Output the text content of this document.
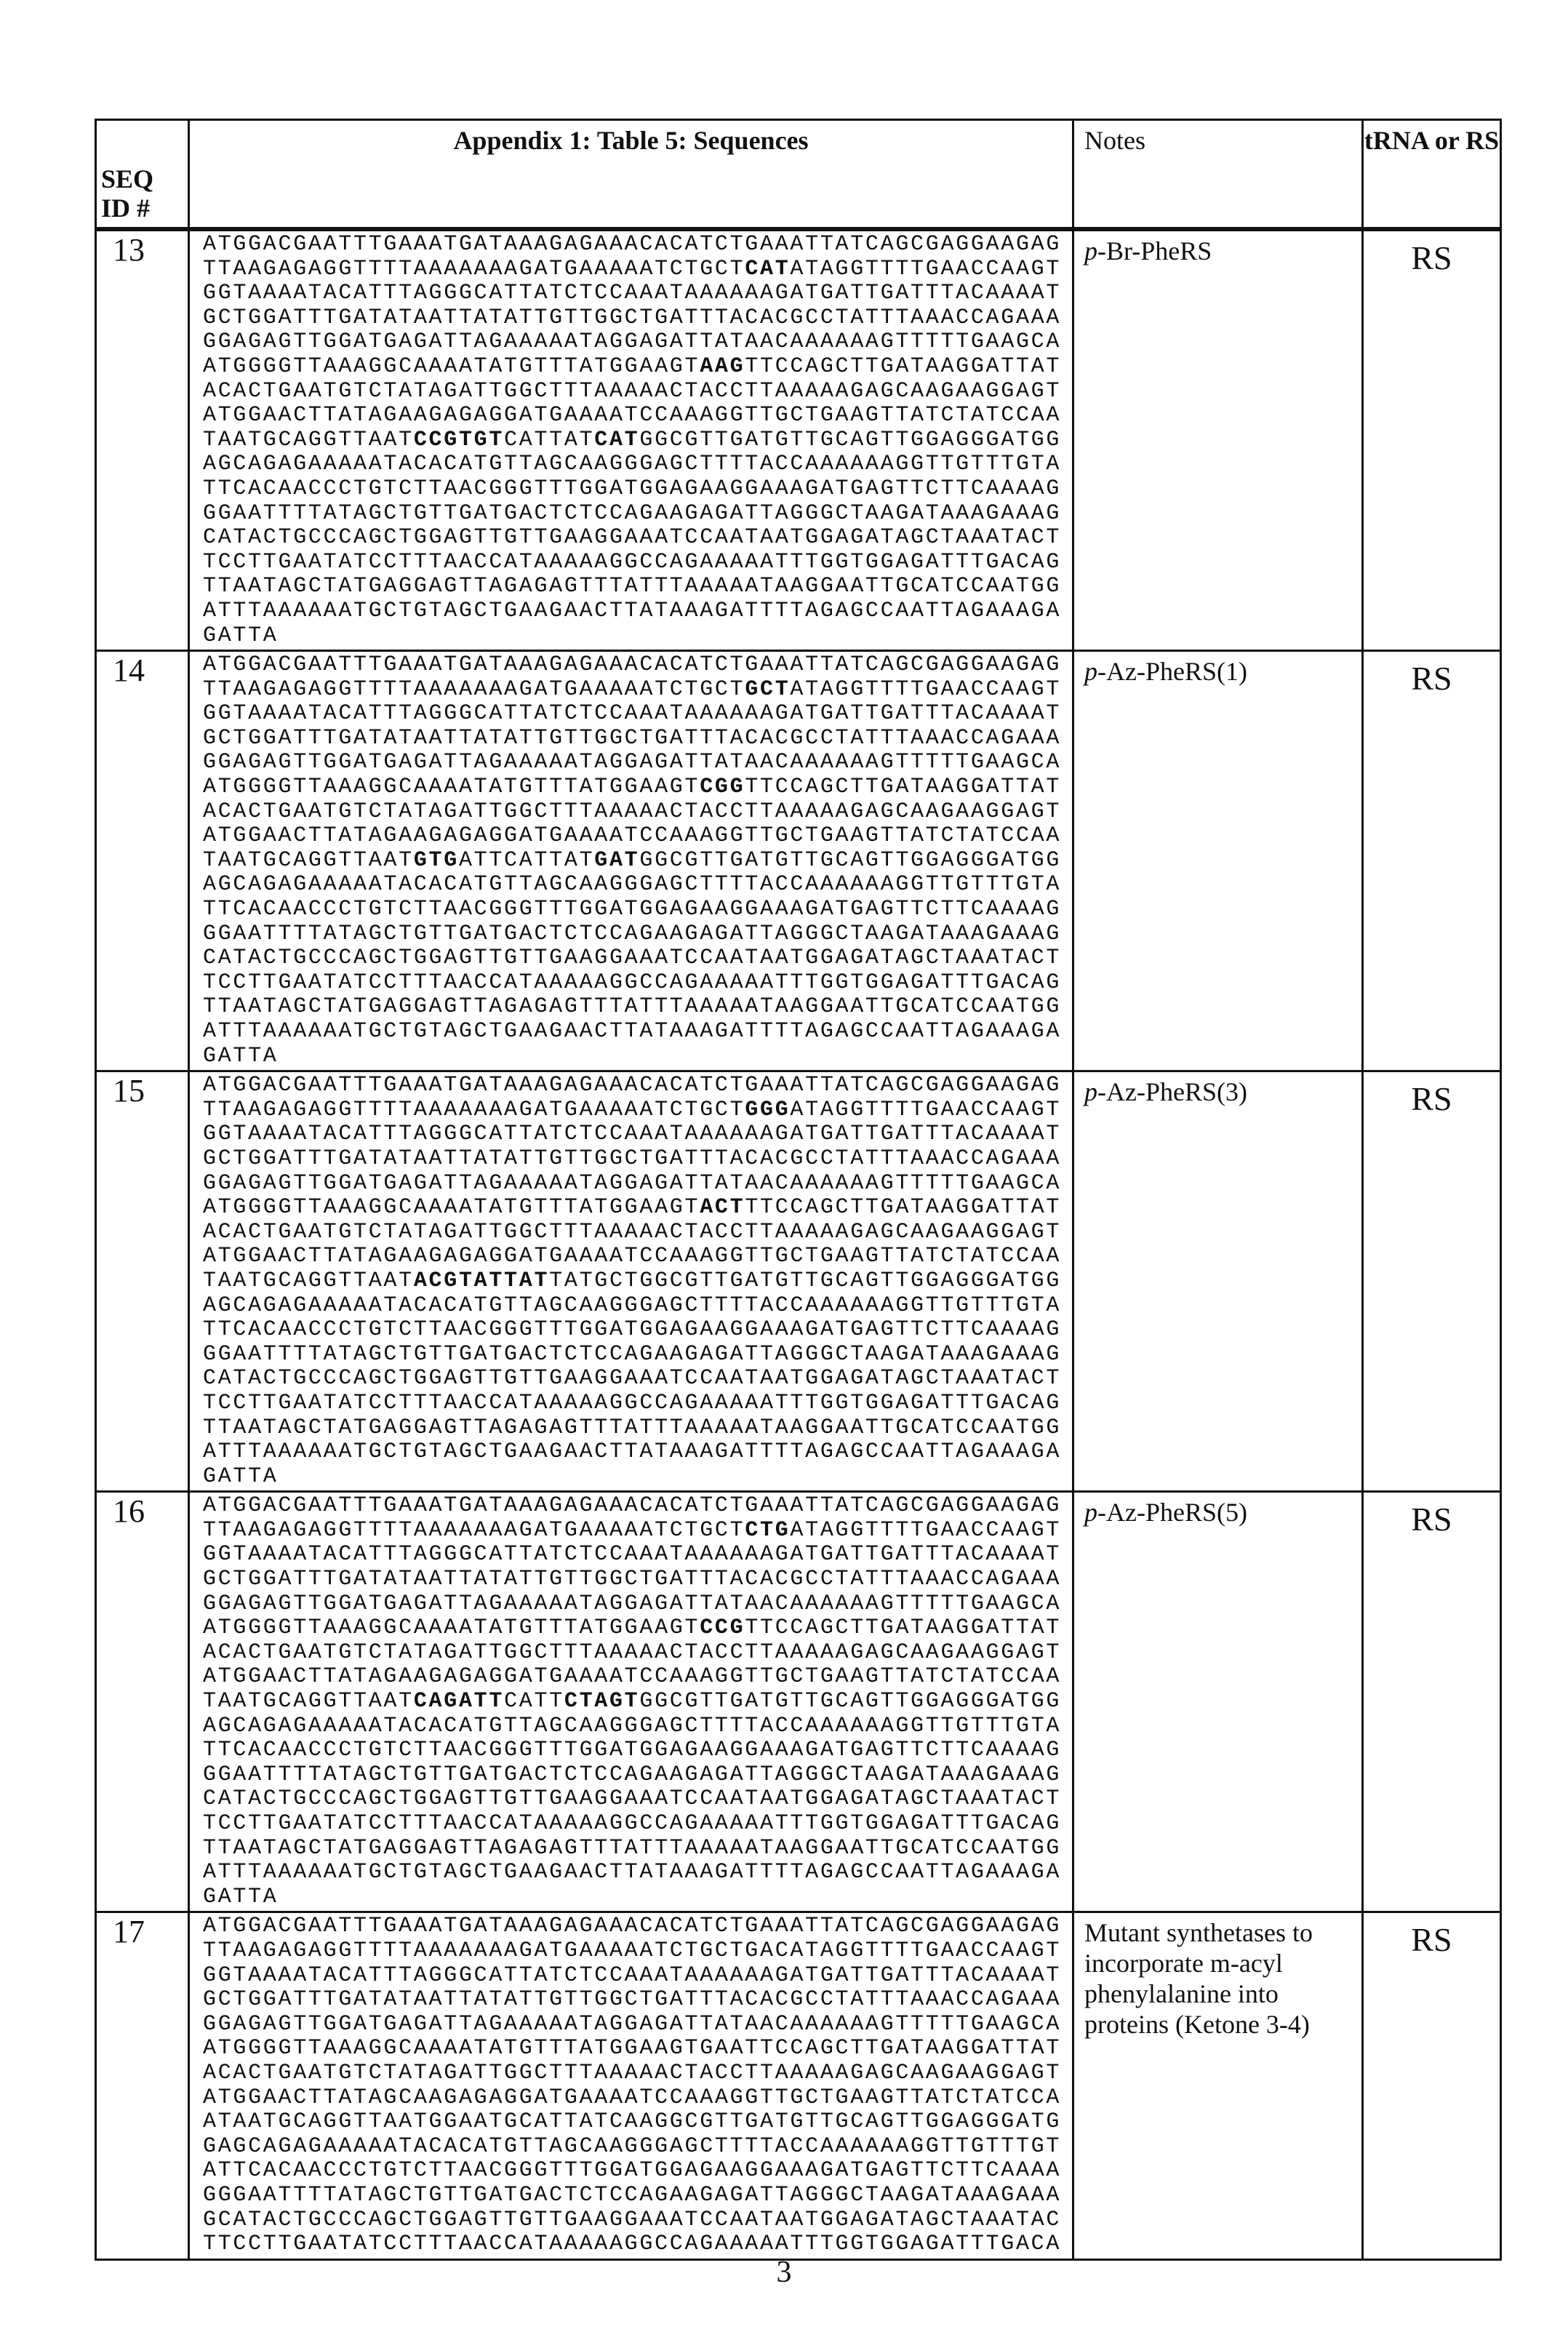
SEQ ID #	Appendix 1: Table 5: Sequences	Notes	tRNA or RS
13	ATGGACGAATTTGAAATGATAAAGAGAAACACATCTGAAATTATCAGCGAGGAAGAG
TTAAGAGAGGTTTTAAAAAAAGATGAAAAATCTGCTCATATAGGTTTTGAACCAAGT
GGTAAAATACATTTAGGGCATTATCTCCAAATAAAAAAGATGATTGATTTACAAAAT
GCTGGATTTGATATAATTATATTGTTGGCTGATTTACACGCCTATTTAAACCAGAAA
GGAGAGTTGGATGAGATTAGAAAAATAGGAGATTATAACAAAAAAGTTTTTGAAGCA
ATGGGGTTAAAGGCAAAATATGTTTATGGAAGTAAGTTCCAGCTTGATAAGGATTAT
ACACTGAATGTCTATAGATTGGCTTTAAAAACTACCTTAAAAAGAGCAAGAAGGAGT
ATGGAACTTATAGAAGAGAGGATGAAAATCCAAAGGTTGCTGAAGTTATCTATCCAA
TAATGCAGGTTAATCCGTGTCATTATCATGGCGTTGATGTTGCAGTTGGAGGGATGG
AGCAGAGAAAAATACACATGTTAGCAAGGGAGCTTTTACCAAAAAAGGTTGTTTGTA
TTCACAACCCTGTCTTAACGGGTTTGGATGGAGAAGGAAAGATGAGTTCTTCAAAAG
GGAATTTTATAGCTGTTGATGACTCTCCAGAAGAGATTAGGGCTAAGATAAAGAAAG
CATACTGCCCAGCTGGAGTTGTTGAAGGAAATCCAATAATGGAGATAGCTAAATACT
TCCTTGAATATCCTTTAACCATAAAAAGGCCAGAAAAATTTGGTGGAGATTTGACAG
TTAATAGCTATGAGGAGTTAGAGAGTTTATTTAAAAATAAGGAATTGCATCCAATGG
ATTTAAAAAATGCTGTAGCTGAAGAACTTATAAAGATTTTAGAGCCAATTAGAAAGA
GATTA
	p-Br-PheRS	RS
14	ATGGACGAATTTGAAATGATAAAGAGAAACACATCTGAAATTATCAGCGAGGAAGAG
TTAAGAGAGGTTTTAAAAAAAGATGAAAAATCTGCTGCTATAGGTTTTGAACCAAGT
GGTAAAATACATTTAGGGCATTATCTCCAAATAAAAAAGATGATTGATTTACAAAAT
GCTGGATTTGATATAATTATATTGTTGGCTGATTTACACGCCTATTTAAACCAGAAA
GGAGAGTTGGATGAGATTAGAAAAATAGGAGATTATAACAAAAAAGTTTTTGAAGCA
ATGGGGTTAAAGGCAAAATATGTTTATGGAAGTCGGTTCCAGCTTGATAAGGATTAT
ACACTGAATGTCTATAGATTGGCTTTAAAAACTACCTTAAAAAGAGCAAGAAGGAGT
ATGGAACTTATAGAAGAGAGGATGAAAATCCAAAGGTTGCTGAAGTTATCTATCCAA
TAATGCAGGTTAATGTGATTCATTATGATGGCGTTGATGTTGCAGTTGGAGGGATGG
AGCAGAGAAAAATACACATGTTAGCAAGGGAGCTTTTACCAAAAAAGGTTGTTTGTA
TTCACAACCCTGTCTTAACGGGTTTGGATGGAGAAGGAAAGATGAGTTCTTCAAAAG
GGAATTTTATAGCTGTTGATGACTCTCCAGAAGAGATTAGGGCTAAGATAAAGAAAG
CATACTGCCCAGCTGGAGTTGTTGAAGGAAATCCAATAATGGAGATAGCTAAATACT
TCCTTGAATATCCTTTAACCATAAAAAGGCCAGAAAAATTTGGTGGAGATTTGACAG
TTAATAGCTATGAGGAGTTAGAGAGTTTATTTAAAAATAAGGAATTGCATCCAATGG
ATTTAAAAAATGCTGTAGCTGAAGAACTTATAAAGATTTTAGAGCCAATTAGAAAGA
GATTA
	p-Az-PheRS(1)	RS
15	ATGGACGAATTTGAAATGATAAAGAGAAACACATCTGAAATTATCAGCGAGGAAGAG
TTAAGAGAGGTTTTAAAAAAAGATGAAAAATCTGCTGGGATAGGTTTTGAACCAAGT
GGTAAAATACATTTAGGGCATTATCTCCAAATAAAAAAGATGATTGATTTACAAAAT
GCTGGATTTGATATAATTATATTGTTGGCTGATTTACACGCCTATTTAAACCAGAAA
GGAGAGTTGGATGAGATTAGAAAAATAGGAGATTATAACAAAAAAGTTTTTGAAGCA
ATGGGGTTAAAGGCAAAATATGTTTATGGAAGTACTTTCCAGCTTGATAAGGATTAT
ACACTGAATGTCTATAGATTGGCTTTAAAAACTACCTTAAAAAGAGCAAGAAGGAGT
ATGGAACTTATAGAAGAGAGGATGAAAATCCAAAGGTTGCTGAAGTTATCTATCCAA
TAATGCAGGTTAATACGTATTATTATGCTGGCGTTGATGTTGCAGTTGGAGGGATGG
AGCAGAGAAAAATACACATGTTAGCAAGGGAGCTTTTACCAAAAAAGGTTGTTTGTA
TTCACAACCCTGTCTTAACGGGTTTGGATGGAGAAGGAAAGATGAGTTCTTCAAAAG
GGAATTTTATAGCTGTTGATGACTCTCCAGAAGAGATTAGGGCTAAGATAAAGAAAG
CATACTGCCCAGCTGGAGTTGTTGAAGGAAATCCAATAATGGAGATAGCTAAATACT
TCCTTGAATATCCTTTAACCATAAAAAGGCCAGAAAAATTTGGTGGAGATTTGACAG
TTAATAGCTATGAGGAGTTAGAGAGTTTATTTAAAAATAAGGAATTGCATCCAATGG
ATTTAAAAAATGCTGTAGCTGAAGAACTTATAAAGATTTTAGAGCCAATTAGAAAGA
GATTA
	p-Az-PheRS(3)	RS
16	ATGGACGAATTTGAAATGATAAAGAGAAACACATCTGAAATTATCAGCGAGGAAGAG
TTAAGAGAGGTTTTAAAAAAAGATGAAAAATCTGCTCTGATAGGTTTTGAACCAAGT
GGTAAAATACATTTAGGGCATTATCTCCAAATAAAAAAGATGATTGATTTACAAAAT
GCTGGATTTGATATAATTATATTGTTGGCTGATTTACACGCCTATTTAAACCAGAAA
GGAGAGTTGGATGAGATTAGAAAAATAGGAGATTATAACAAAAAAGTTTTTGAAGCA
ATGGGGTTAAAGGCAAAATATGTTTATGGAAGTCCGTTCCAGCTTGATAAGGATTAT
ACACTGAATGTCTATAGATTGGCTTTAAAAACTACCTTAAAAAGAGCAAGAAGGAGT
ATGGAACTTATAGAAGAGAGGATGAAAATCCAAAGGTTGCTGAAGTTATCTATCCAA
TAATGCAGGTTAATCAGATTCATTCTAGTGGCGTTGATGTTGCAGTTGGAGGGATGG
AGCAGAGAAAAATACACATGTTAGCAAGGGAGCTTTTACCAAAAAAGGTTGTTTGTA
TTCACAACCCTGTCTTAACGGGTTTGGATGGAGAAGGAAAGATGAGTTCTTCAAAAG
GGAATTTTATAGCTGTTGATGACTCTCCAGAAGAGATTAGGGCTAAGATAAAGAAAG
CATACTGCCCAGCTGGAGTTGTTGAAGGAAATCCAATAATGGAGATAGCTAAATACT
TCCTTGAATATCCTTTAACCATAAAAAGGCCAGAAAAATTTGGTGGAGATTTGACAG
TTAATAGCTATGAGGAGTTAGAGAGTTTATTTAAAAATAAGGAATTGCATCCAATGG
ATTTAAAAAATGCTGTAGCTGAAGAACTTATAAAGATTTTAGAGCCAATTAGAAAGA
GATTA
	p-Az-PheRS(5)	RS
17	ATGGACGAATTTGAAATGATAAAGAGAAACACATCTGAAATTATCAGCGAGGAAGAG
TTAAGAGAGGTTTTAAAAAAAGATGAAAAATCTGCTGACATAGGTTTTGAACCAAGT
GGTAAAATACATTTAGGGCATTATCTCCAAATAAAAAAGATGATTGATTTACAAAAT
GCTGGATTTGATATAATTATATTGTTGGCTGATTTACACGCCTATTTAAACCAGAAA
GGAGAGTTGGATGAGATTAGAAAAATAGGAGATTATAACAAAAAAGTTTTTGAAGCA
ATGGGGTTAAAGGCAAAATATGTTTATGGAAGTGAATTCCAGCTTGATAAGGATTAT
ACACTGAATGTCTATAGATTGGCTTTAAAAACTACCTTAAAAAGAGCAAGAAGGAGT
ATGGAACTTATAGCAAGAGAGGATGAAAATCCAAAGGTTGCTGAAGTTATCTATCCA
ATAATGCAGGTTAATGGAATGCATTATCAAGGCGTTGATGTTGCAGTTGGAGGGATG
GAGCAGAGAAAAATACACATGTTAGCAAGGGAGCTTTTACCAAAAAAGGTTGTTTGT
ATTCACAACCCTGTCTTAACGGGTTTGGATGGAGAAGGAAAGATGAGTTCTTCAAAA
GGGAATTTTATAGCTGTTGATGACTCTCCAGAAGAGATTAGGGCTAAGATAAAGAAA
GCATACTGCCCAGCTGGAGTTGTTGAAGGAAATCCAATAATGGAGATAGCTAAATAC
TTCCTTGAATATCCTTTAACCATAAAAAGGCCAGAAAAATTTGGTGGAGATTTGACA
	Mutant synthetases to incorporate m-acyl phenylalanine into proteins (Ketone 3-4)	RS
3
